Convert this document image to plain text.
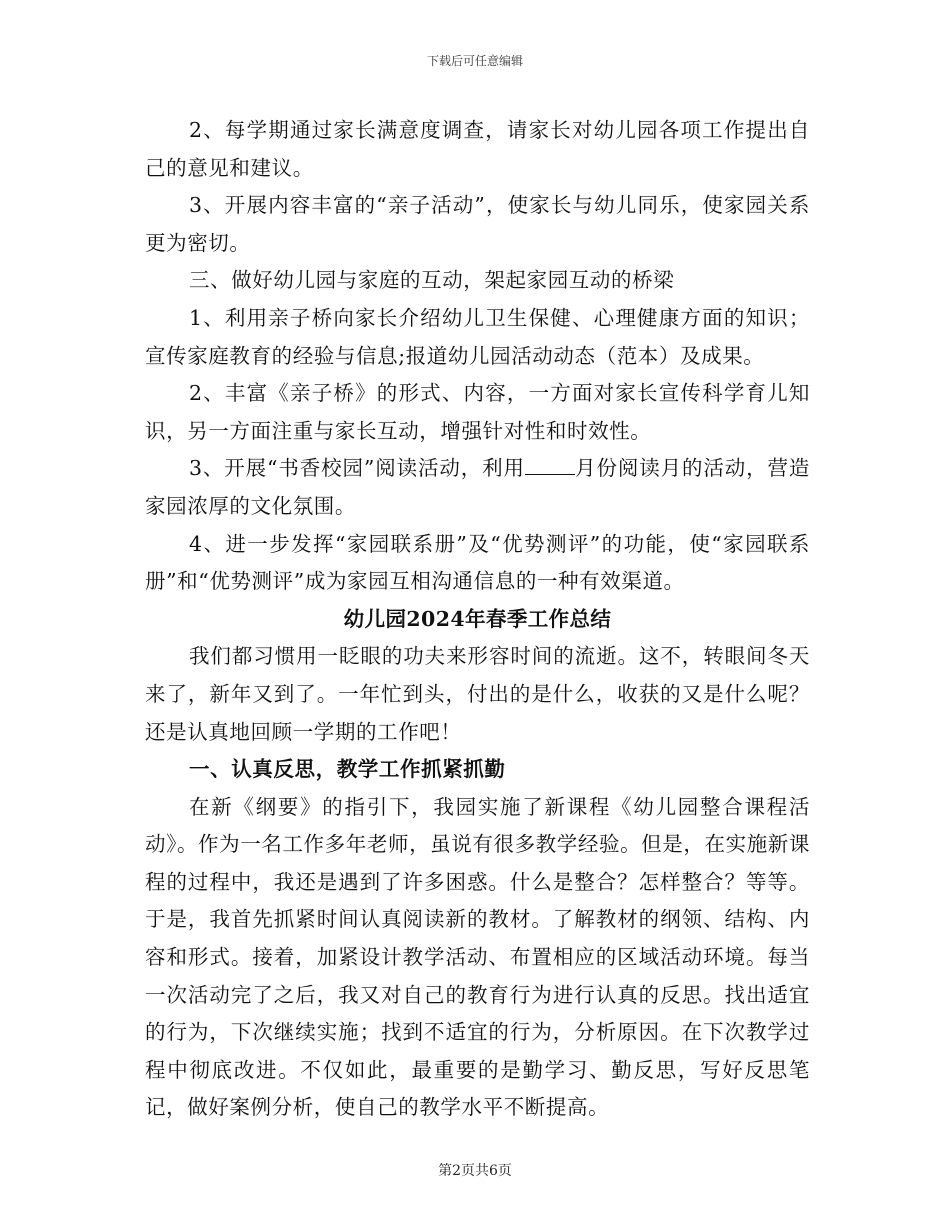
下载后可任意编辑

2、每学期通过家长满意度调查，请家长对幼儿园各项工作提出自己的意见和建议。

3、开展内容丰富的“亲子活动”，使家长与幼儿同乐，使家园关系更为密切。

三、做好幼儿园与家庭的互动，架起家园互动的桥梁

1、利用亲子桥向家长介绍幼儿卫生保健、心理健康方面的知识；宣传家庭教育的经验与信息;报道幼儿园活动动态（范本）及成果。

2、丰富《亲子桥》的形式、内容，一方面对家长宣传科学育儿知识，另一方面注重与家长互动，增强针对性和时效性。

3、开展“书香校园”阅读活动，利用 月份阅读月的活动，营造家园浓厚的文化氛围。

4、进一步发挥“家园联系册”及“优势测评”的功能，使“家园联系册”和“优势测评”成为家园互相沟通信息的一种有效渠道。

幼儿园2024年春季工作总结

我们都习惯用一眨眼的功夫来形容时间的流逝。这不，转眼间冬天来了，新年又到了。一年忙到头，付出的是什么，收获的又是什么呢？还是认真地回顾一学期的工作吧！

一、认真反思，教学工作抓紧抓勤

在新《纲要》的指引下，我园实施了新课程《幼儿园整合课程活动》。作为一名工作多年老师，虽说有很多教学经验。但是，在实施新课程的过程中，我还是遇到了许多困惑。什么是整合？怎样整合？等等。于是，我首先抓紧时间认真阅读新的教材。了解教材的纲领、结构、内容和形式。接着，加紧设计教学活动、布置相应的区域活动环境。每当一次活动完了之后，我又对自己的教育行为进行认真的反思。找出适宜的行为，下次继续实施；找到不适宜的行为，分析原因。在下次教学过程中彻底改进。不仅如此，最重要的是勤学习、勤反思，写好反思笔记，做好案例分析，使自己的教学水平不断提高。

第2页共6页
